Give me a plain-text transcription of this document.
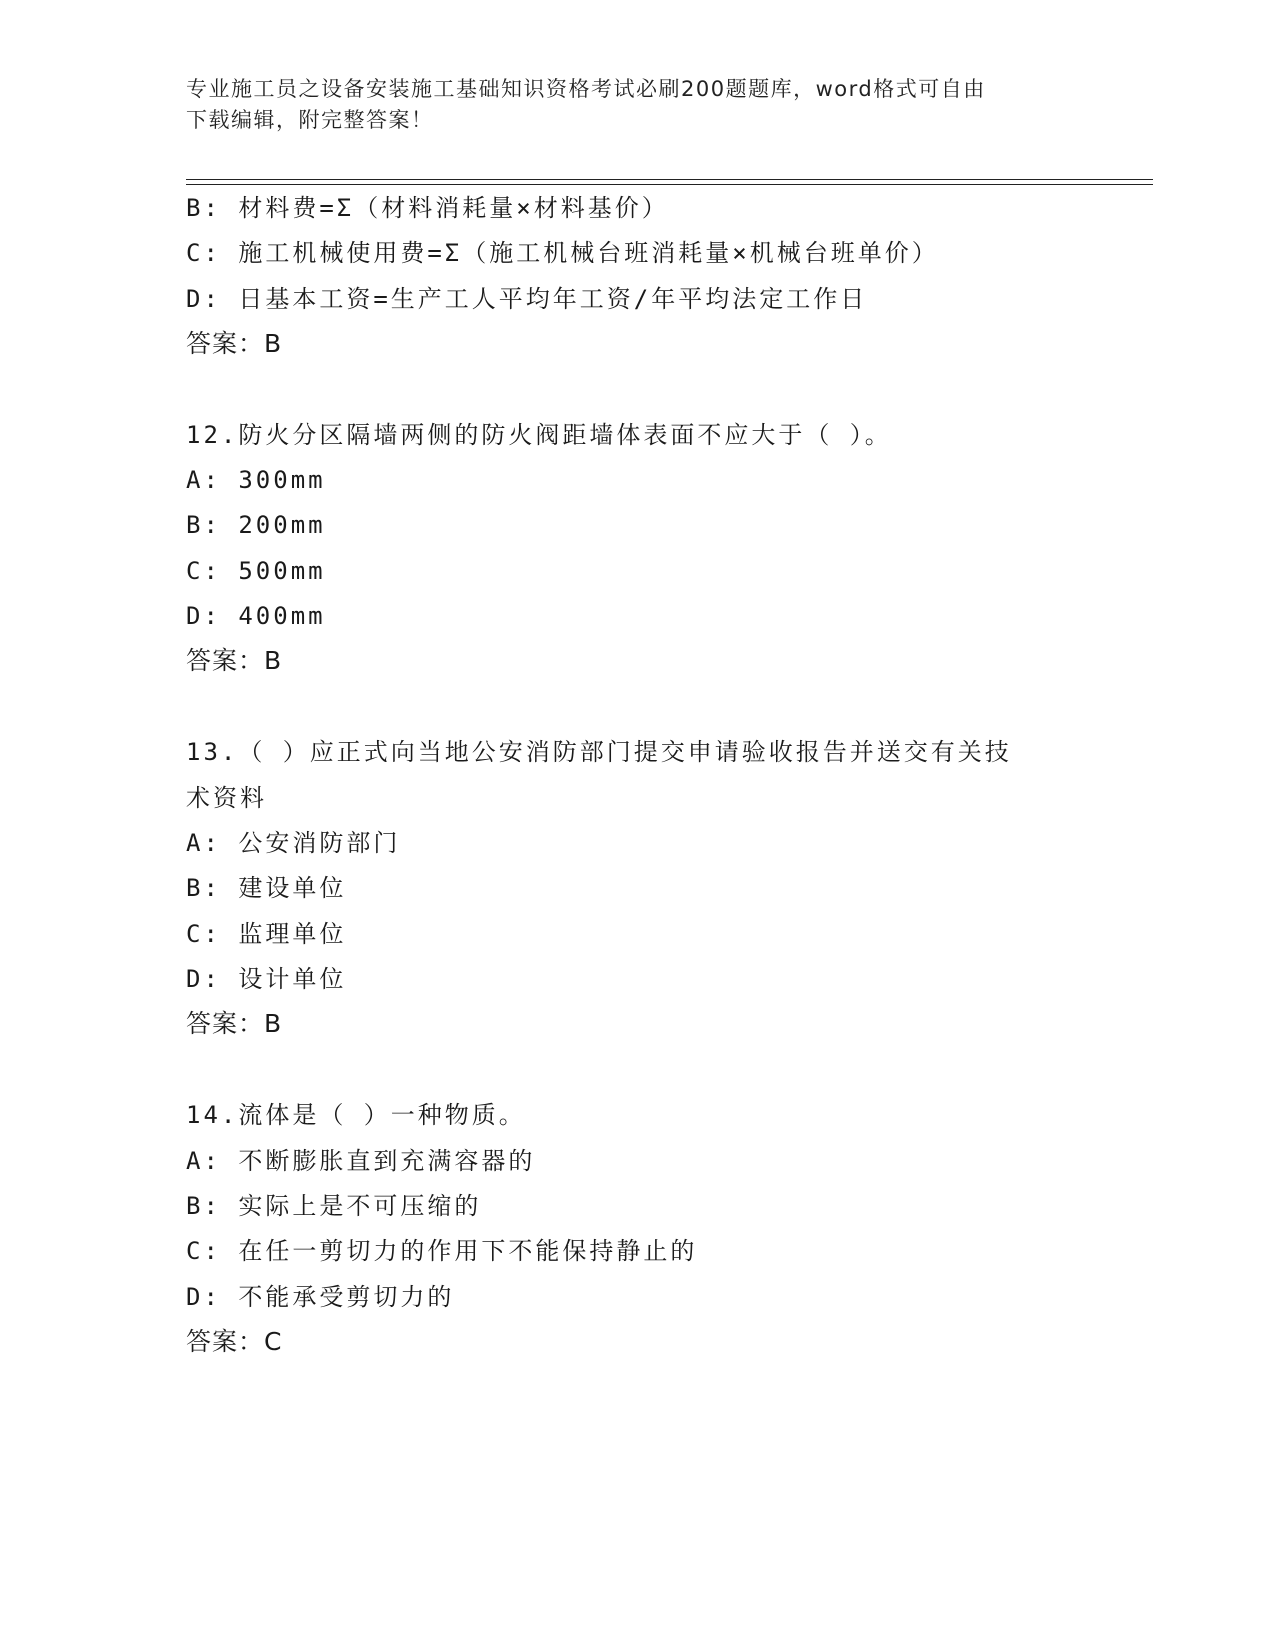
专业施工员之设备安装施工基础知识资格考试必刷200题题库，word格式可自由
下载编辑，附完整答案！
B: 材料费=Σ（材料消耗量×材料基价）
C: 施工机械使用费=Σ（施工机械台班消耗量×机械台班单价）
D: 日基本工资=生产工人平均年工资/年平均法定工作日
答案：B
12.防火分区隔墙两侧的防火阀距墙体表面不应大于（ ）。
A: 300mm
B: 200mm
C: 500mm
D: 400mm
答案：B
13.（ ）应正式向当地公安消防部门提交申请验收报告并送交有关技
术资料
A: 公安消防部门
B: 建设单位
C: 监理单位
D: 设计单位
答案：B
14.流体是（ ）一种物质。
A: 不断膨胀直到充满容器的
B: 实际上是不可压缩的
C: 在任一剪切力的作用下不能保持静止的
D: 不能承受剪切力的
答案：C
